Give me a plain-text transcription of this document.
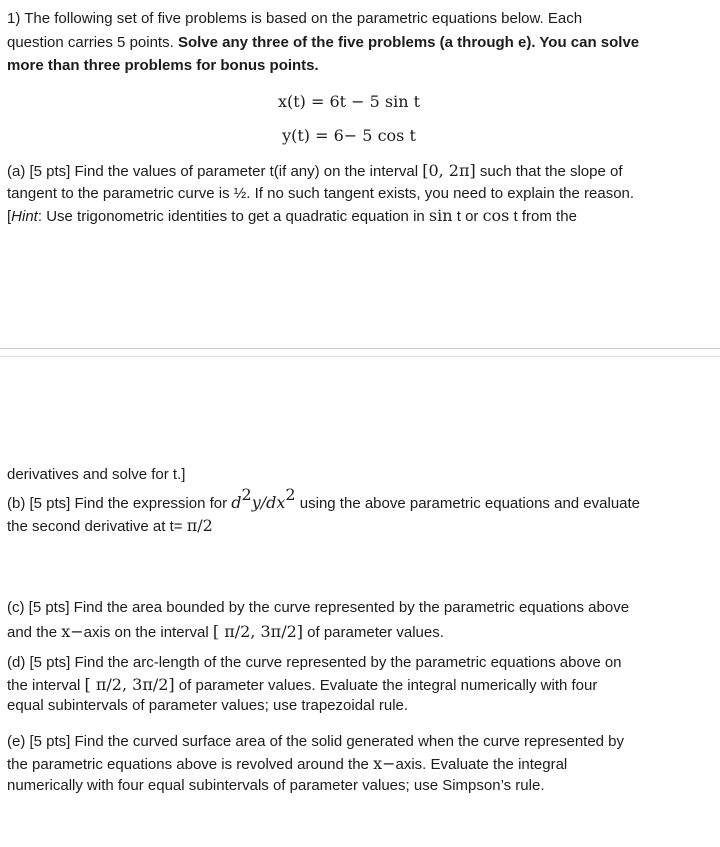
1) The following set of five problems is based on the parametric equations below. Each
question carries 5 points. Solve any three of the five problems (a through e). You can solve
more than three problems for bonus points.
x(t) = 6t − 5 sin t
y(t) = 6− 5 cos t
(a) [5 pts] Find the values of parameter t(if any) on the interval [0, 2π] such that the slope of
tangent to the parametric curve is ½. If no such tangent exists, you need to explain the reason.
[Hint: Use trigonometric identities to get a quadratic equation in sin t or cos t from the
derivatives and solve for t.]
(b) [5 pts] Find the expression for $d^2y/dx^2$ using the above parametric equations and evaluate
the second derivative at t= π/2
(c) [5 pts] Find the area bounded by the curve represented by the parametric equations above
and the x−axis on the interval [ π/2, 3π/2] of parameter values.
(d) [5 pts] Find the arc-length of the curve represented by the parametric equations above on
the interval [ π/2, 3π/2] of parameter values. Evaluate the integral numerically with four
equal subintervals of parameter values; use trapezoidal rule.
(e) [5 pts] Find the curved surface area of the solid generated when the curve represented by
the parametric equations above is revolved around the x−axis. Evaluate the integral
numerically with four equal subintervals of parameter values; use Simpson’s rule.
